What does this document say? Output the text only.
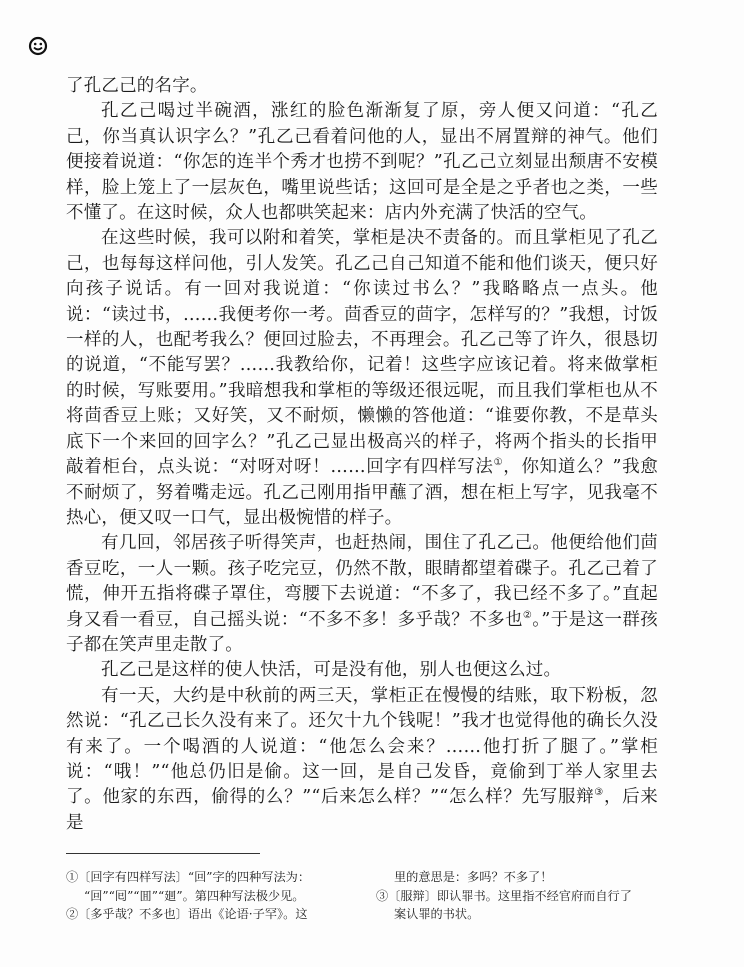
了孔乙己的名字。

孔乙己喝过半碗酒，涨红的脸色渐渐复了原，旁人便又问道：“孔乙己，你当真认识字么？”孔乙己看着问他的人，显出不屑置辩的神气。他们便接着说道：“你怎的连半个秀才也捞不到呢？”孔乙己立刻显出颓唐不安模样，脸上笼上了一层灰色，嘴里说些话；这回可是全是之乎者也之类，一些不懂了。在这时候，众人也都哄笑起来：店内外充满了快活的空气。

在这些时候，我可以附和着笑，掌柜是决不责备的。而且掌柜见了孔乙己，也每每这样问他，引人发笑。孔乙己自己知道不能和他们谈天，便只好向孩子说话。有一回对我说道：“你读过书么？”我略略点一点头。他说：“读过书，……我便考你一考。茴香豆的茴字，怎样写的？”我想，讨饭一样的人，也配考我么？便回过脸去，不再理会。孔乙己等了许久，很恳切的说道，“不能写罢？……我教给你，记着！这些字应该记着。将来做掌柜的时候，写账要用。”我暗想我和掌柜的等级还很远呢，而且我们掌柜也从不将茴香豆上账；又好笑，又不耐烦，懒懒的答他道：“谁要你教，不是草头底下一个来回的回字么？”孔乙己显出极高兴的样子，将两个指头的长指甲敲着柜台，点头说：“对呀对呀！……回字有四样写法①，你知道么？”我愈不耐烦了，努着嘴走远。孔乙己刚用指甲蘸了酒，想在柜上写字，见我毫不热心，便又叹一口气，显出极惋惜的样子。

有几回，邻居孩子听得笑声，也赶热闹，围住了孔乙己。他便给他们茴香豆吃，一人一颗。孩子吃完豆，仍然不散，眼睛都望着碟子。孔乙己着了慌，伸开五指将碟子罩住，弯腰下去说道：“不多了，我已经不多了。”直起身又看一看豆，自己摇头说：“不多不多！多乎哉？不多也②。”于是这一群孩子都在笑声里走散了。

孔乙己是这样的使人快活，可是没有他，别人也便这么过。

有一天，大约是中秋前的两三天，掌柜正在慢慢的结账，取下粉板，忽然说：“孔乙己长久没有来了。还欠十九个钱呢！”我才也觉得他的确长久没有来了。一个喝酒的人说道：“他怎么会来？……他打折了腿了。”掌柜说：“哦！”“他总仍旧是偷。这一回，是自己发昏，竟偷到丁举人家里去了。他家的东西，偷得的么？”“后来怎么样？”“怎么样？先写服辩③，后来是

①〔回字有四样写法〕“回”字的四种写法为：
“回”“囘”“囬”“廻”。第四种写法极少见。
②〔多乎哉？不多也〕语出《论语·子罕》。这
里的意思是：多吗？不多了！
③〔服辩〕即认罪书。这里指不经官府而自行了
案认罪的书状。
